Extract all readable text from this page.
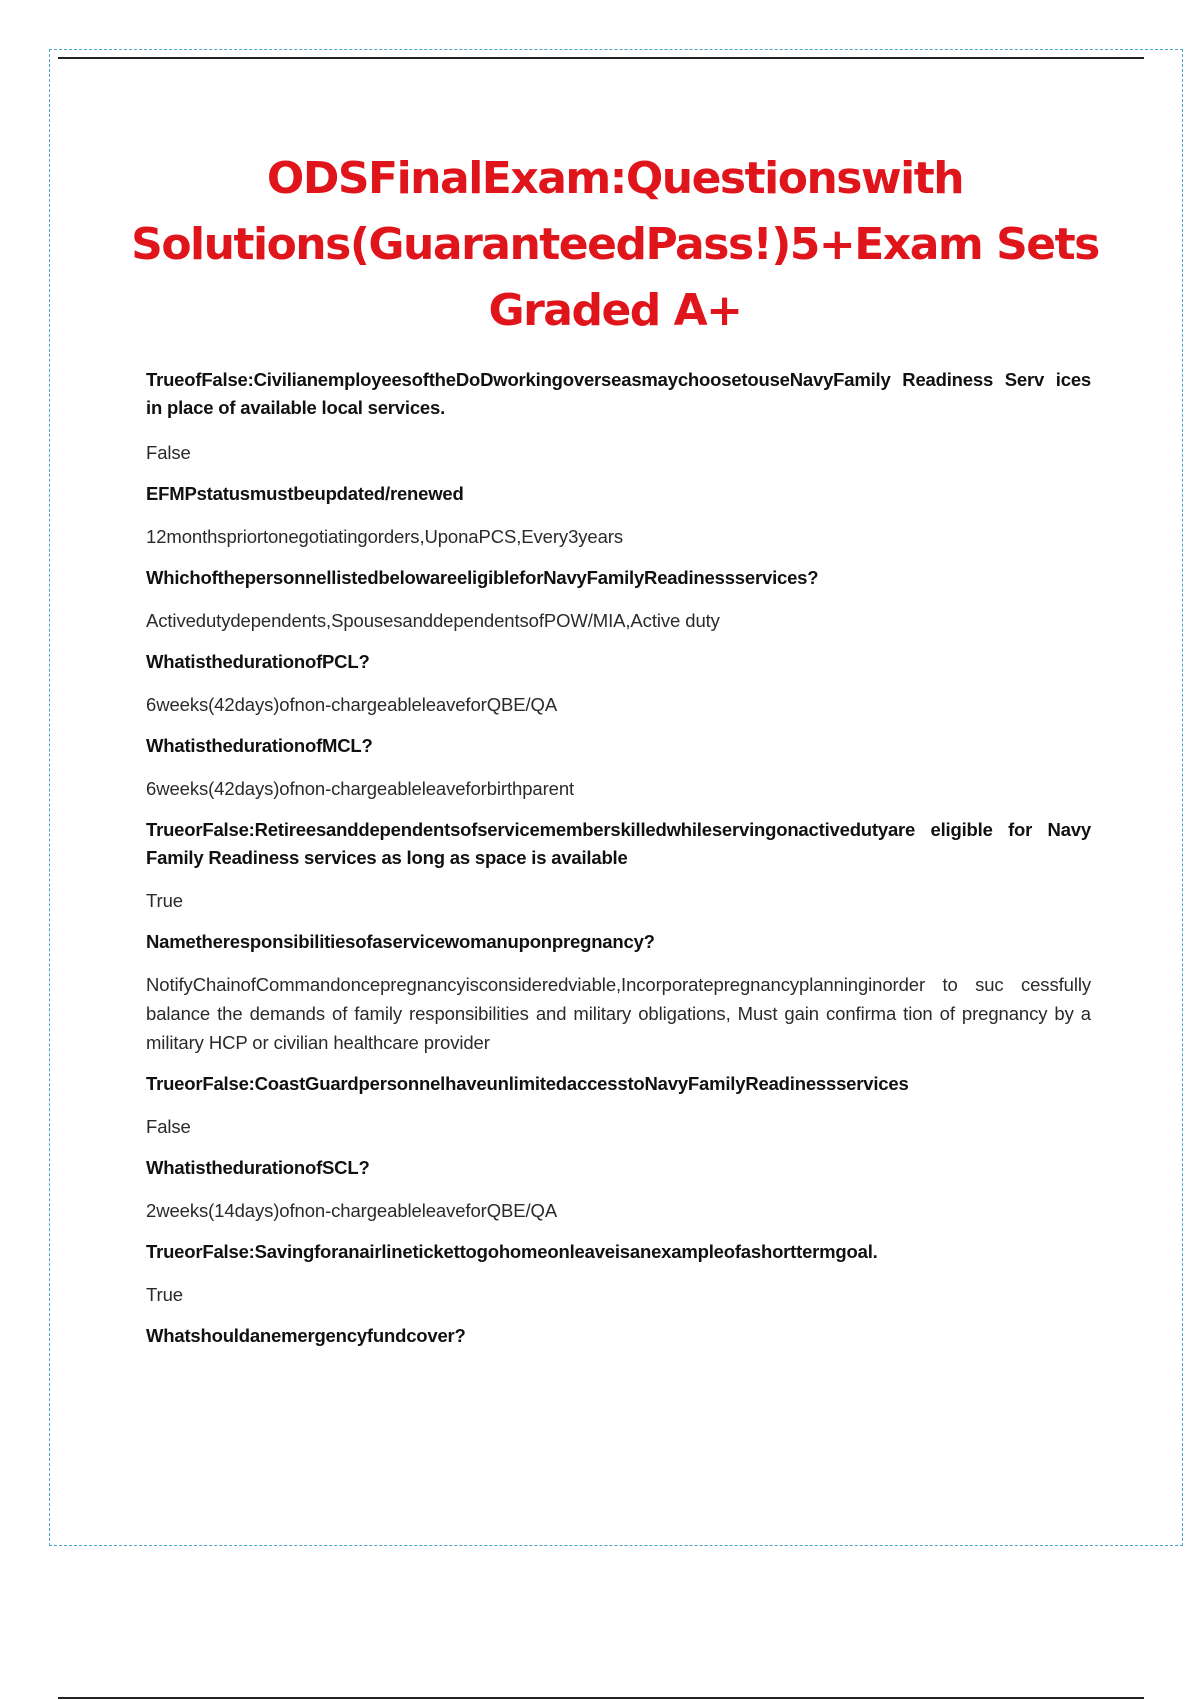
ODSFinalExam:Questionswith
Solutions(GuaranteedPass!)5+Exam Sets
Graded A+

TrueofFalse:CivilianemployeesoftheDoDworkingoverseasmaychoosetouseNavyFamily Readiness Serv ices in place of available local services.

False

EFMPstatusmustbeupdated/renewed

12monthspriortonegotiatingorders,UponaPCS,Every3years

WhichofthepersonnellistedbelowareeligibleforNavyFamilyReadinessservices?

Activedutydependents,SpousesanddependentsofPOW/MIA,Active duty

WhatisthedurationofPCL?

6weeks(42days)ofnon-chargeableleaveforQBE/QA

WhatisthedurationofMCL?

6weeks(42days)ofnon-chargeableleaveforbirthparent

TrueorFalse:Retireesanddependentsofservicememberskilledwhileservingonactivedutyare eligible for Navy Family Readiness services as long as space is available

True

Nametheresponsibilitiesofaservicewomanuponpregnancy?

NotifyChainofCommandoncepregnancyisconsideredviable,Incorporatepregnancyplanninginorder to suc cessfully balance the demands of family responsibilities and military obligations, Must gain confirma tion of pregnancy by a military HCP or civilian healthcare provider

TrueorFalse:CoastGuardpersonnelhaveunlimitedaccesstoNavyFamilyReadinessservices

False

WhatisthedurationofSCL?

2weeks(14days)ofnon-chargeableleaveforQBE/QA

TrueorFalse:Savingforanairlinetickettogohomeonleaveisanexampleofashorttermgoal.

True

Whatshouldanemergencyfundcover?
